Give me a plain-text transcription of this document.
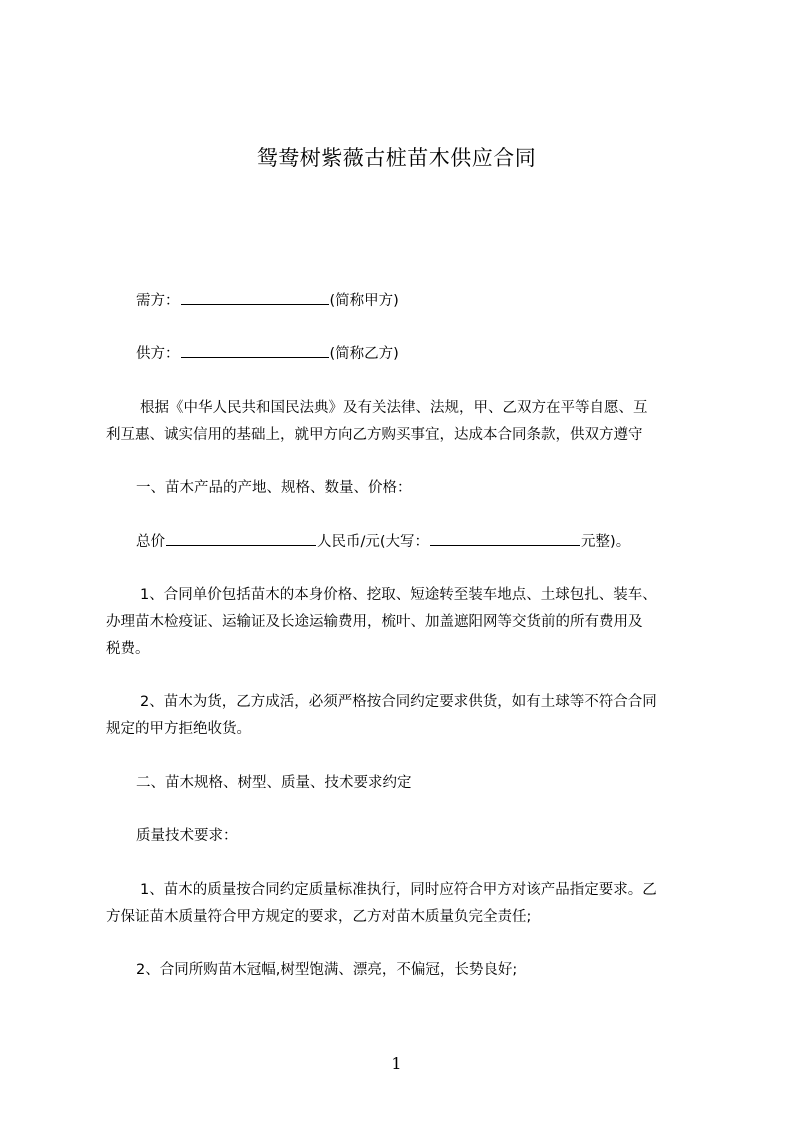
鸳鸯树紫薇古桩苗木供应合同
需方：	(简称甲方)
供方：	(简称乙方)
根据《中华人民共和国民法典》及有关法律、法规，甲、乙双方在平等自愿、互
利互惠、诚实信用的基础上，就甲方向乙方购买事宜，达成本合同条款，供双方遵守
一、苗木产品的产地、规格、数量、价格：
总价	人民币/元(大写：	元整)。
1、合同单价包括苗木的本身价格、挖取、短途转至装车地点、土球包扎、装车、
办理苗木检疫证、运输证及长途运输费用，梳叶、加盖遮阳网等交货前的所有费用及
税费。
2、苗木为货，乙方成活，必须严格按合同约定要求供货，如有土球等不符合合同
规定的甲方拒绝收货。
二、苗木规格、树型、质量、技术要求约定
质量技术要求：
1、苗木的质量按合同约定质量标准执行，同时应符合甲方对该产品指定要求。乙
方保证苗木质量符合甲方规定的要求，乙方对苗木质量负完全责任;
2、合同所购苗木冠幅,树型饱满、漂亮，不偏冠，长势良好;
1
